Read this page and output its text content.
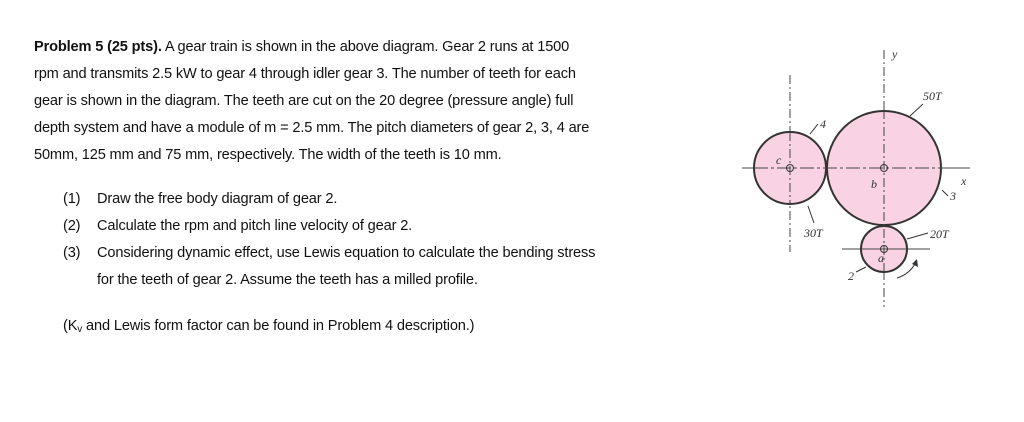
Problem 5 (25 pts). A gear train is shown in the above diagram. Gear 2 runs at 1500
rpm and transmits 2.5 kW to gear 4 through idler gear 3. The number of teeth for each
gear is shown in the diagram. The teeth are cut on the 20 degree (pressure angle) full
depth system and have a module of m = 2.5 mm. The pitch diameters of gear 2, 3, 4 are
50mm, 125 mm and 75 mm, respectively. The width of the teeth is 10 mm.
(1)	Draw the free body diagram of gear 2.
(2)	Calculate the rpm and pitch line velocity of gear 2.
(3)	Considering dynamic effect, use Lewis equation to calculate the bending stress
for the teeth of gear 2. Assume the teeth has a milled profile.
($K_v$ and Lewis form factor can be found in Problem 4 description.)
y
x
c
b
a
50T
30T	20T
4
3
2
